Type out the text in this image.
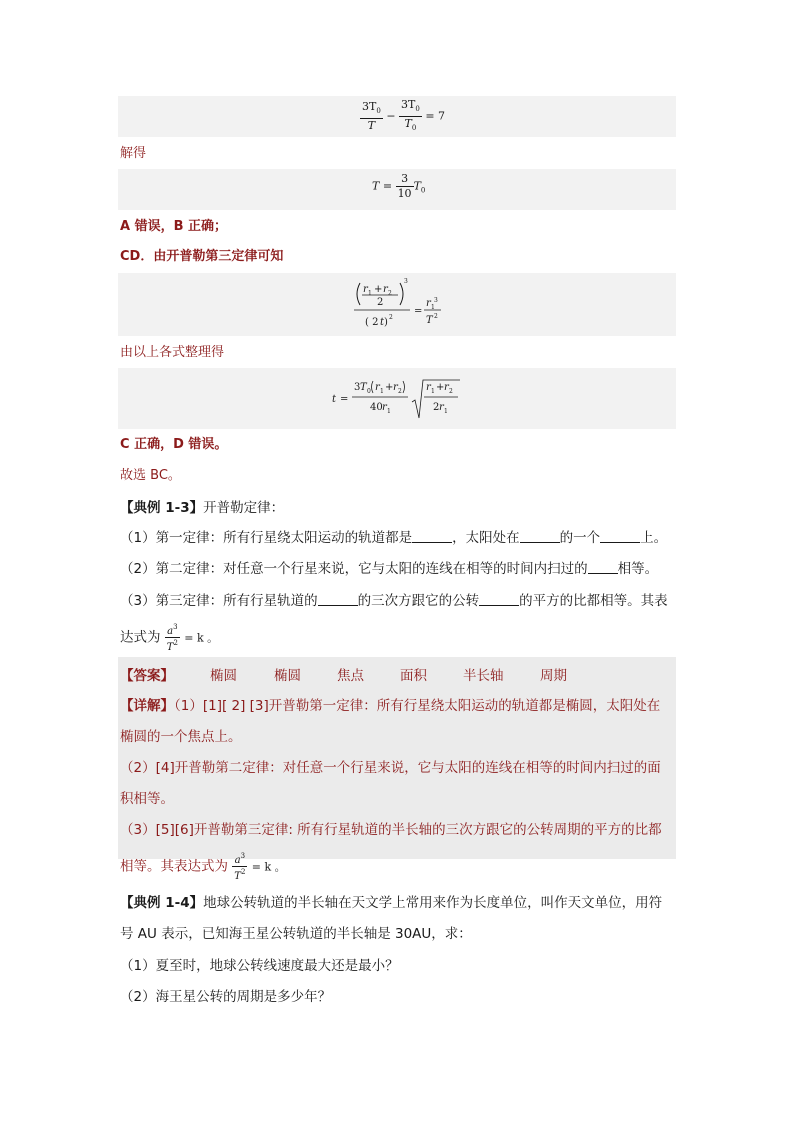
$\frac{3T_0}{T} - \frac{3T_0}{T_0} = 7$
解得
$T = \frac{3}{10} T_0$
A 错误，B 正确；
CD．由开普勒第三定律可知
r 1 + r 2
2
3
( 2 t ) 2
=
r 1
3
T 2
由以上各式整理得
t =
3 T 0 r 1 + r 2
40 r 1
r 1 + r 2
2 r 1
C 正确，D 错误。
故选 BC。
【典例 1-3】开普勒定律：
（1）第一定律：所有行星绕太阳运动的轨道都是	，太阳处在	的一个	上。
（2）第二定律：对任意一个行星来说，它与太阳的连线在相等的时间内扫过的 相等。
（3）第三定律：所有行星轨道的	的三次方跟它的公转	的平方的比都相等。其表
达式为 $\frac{a^3}{T^2} = k$ 。
【答案】	椭圆	椭圆	焦点	面积	半长轴	周期
【详解】（1）[1][ 2] [3]开普勒第一定律：所有行星绕太阳运动的轨道都是椭圆，太阳处在
椭圆的一个焦点上。
（2）[4]开普勒第二定律：对任意一个行星来说，它与太阳的连线在相等的时间内扫过的面
积相等。
（3）[5][6]开普勒第三定律: 所有行星轨道的半长轴的三次方跟它的公转周期的平方的比都
相等。其表达式为 $\frac{a^3}{T^2} = k$ 。
【典例 1-4】地球公转轨道的半长轴在天文学上常用来作为长度单位，叫作天文单位，用符
号 AU 表示，已知海王星公转轨道的半长轴是 30AU，求：
（1）夏至时，地球公转线速度最大还是最小？
（2）海王星公转的周期是多少年？
